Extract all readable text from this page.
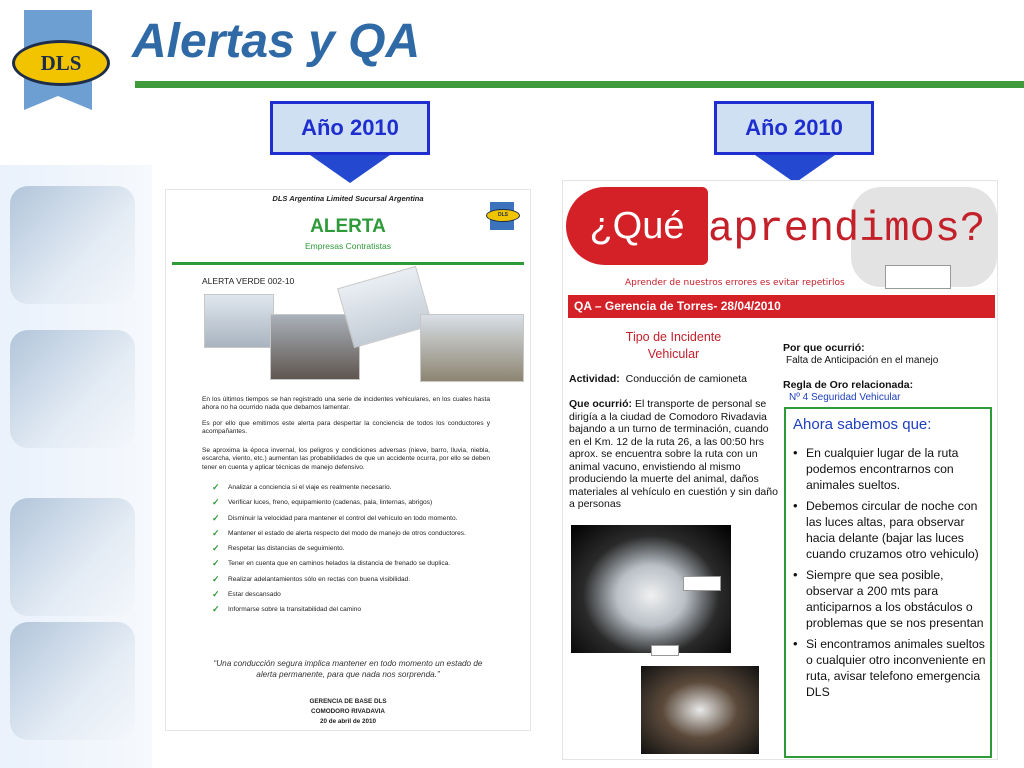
DLS Alertas y QA
Año 2010	Año 2010
DLS Argentina Limited Sucursal Argentina
DLS
ALERTA
Empresas Contratistas
ALERTA VERDE 002-10
En los últimos tiempos se han registrado una serie de incidentes vehiculares, en los cuales hasta ahora no ha ocurrido nada que debamos lamentar.
Es por ello que emitimos este alerta para despertar la conciencia de todos los conductores y acompañantes.
Se aproxima la época invernal, los peligros y condiciones adversas (nieve, barro, lluvia, niebla, escarcha, viento, etc.) aumentan las probabilidades de que un accidente ocurra, por ello se deben tener en cuenta y aplicar técnicas de manejo defensivo.
✓ Analizar a conciencia si el viaje es realmente necesario.
✓ Verificar luces, freno, equipamiento (cadenas, pala, linternas, abrigos)
✓ Disminuir la velocidad para mantener el control del vehículo en todo momento.
✓ Mantener el estado de alerta respecto del modo de manejo de otros conductores.
✓ Respetar las distancias de seguimiento.
✓ Tener en cuenta que en caminos helados la distancia de frenado se duplica.
✓ Realizar adelantamientos sólo en rectas con buena visibilidad.
✓ Estar descansado
✓ Informarse sobre la transitabilidad del camino
“Una conducción segura implica mantener en todo momento un estado de alerta permanente, para que nada nos sorprenda.”
GERENCIA DE BASE DLS
COMODORO RIVADAVIA
20 de abril de 2010
¿Qué aprendimos?
Aprender de nuestros errores es evitar repetirlos
QA – Gerencia de Torres- 28/04/2010
Tipo de Incidente
Vehicular
Actividad: Conducción de camioneta
Que ocurrió: El transporte de personal se dirigía a la ciudad de Comodoro Rivadavia bajando a un turno de terminación, cuando en el Km. 12 de la ruta 26, a las 00:50 hrs aprox. se encuentra sobre la ruta con un animal vacuno, envistiendo al mismo produciendo la muerte del animal, daños materiales al vehículo en cuestión y sin daño a personas
Por que ocurrió:
Falta de Anticipación en el manejo
Regla de Oro relacionada:
Nº 4 Seguridad Vehicular
Ahora sabemos que:
• En cualquier lugar de la ruta podemos encontrarnos con animales sueltos.
• Debemos circular de noche con las luces altas, para observar hacia delante (bajar las luces cuando cruzamos otro vehiculo)
• Siempre que sea posible, observar a 200 mts para anticiparnos a los obstáculos o problemas que se nos presentan
• Si encontramos animales sueltos o cualquier otro inconveniente en ruta, avisar telefono emergencia DLS
